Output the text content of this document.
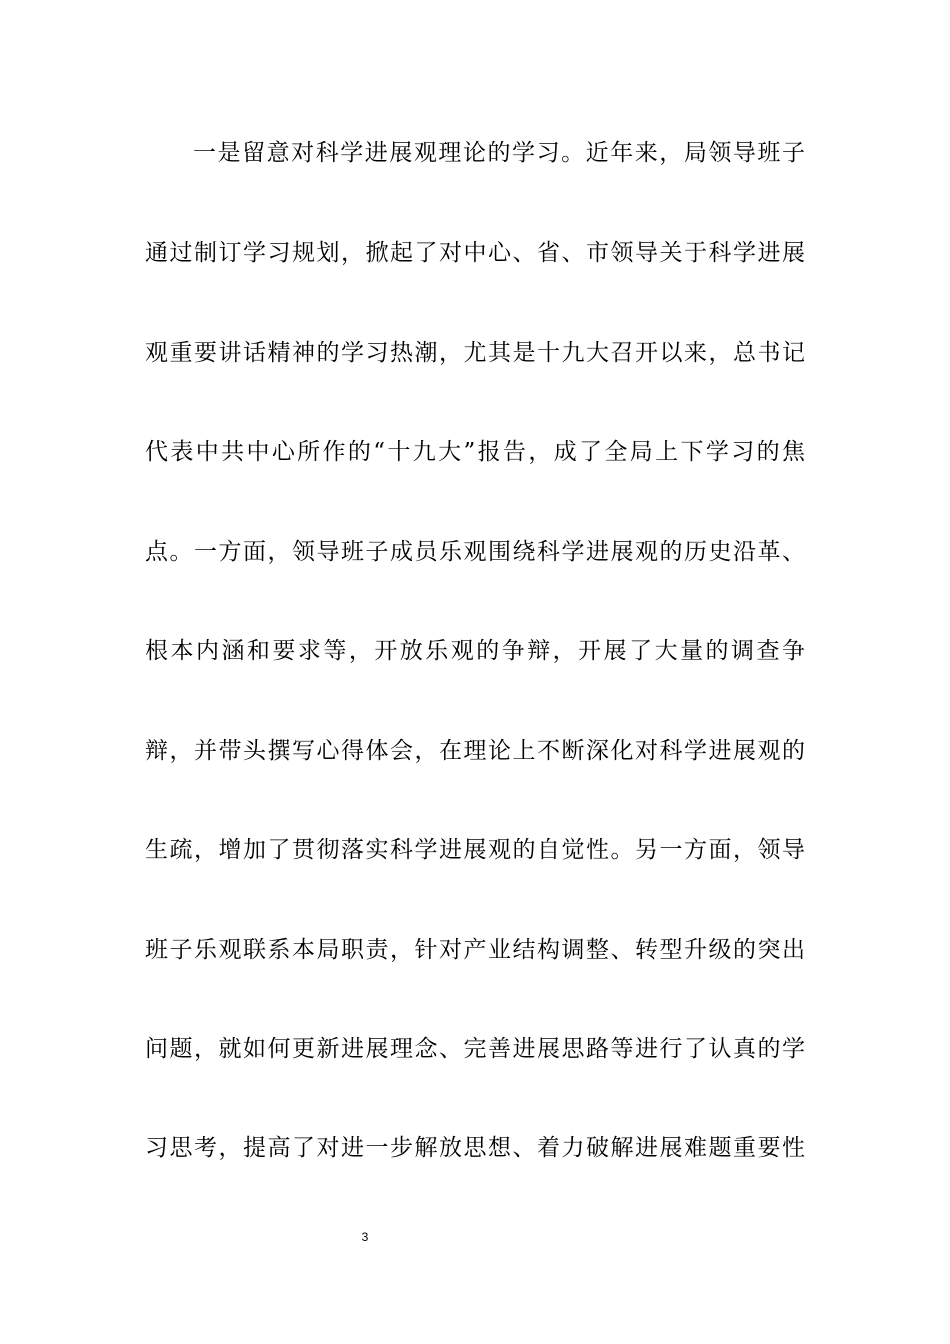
一是留意对科学进展观理论的学习。近年来，局领导班子
通过制订学习规划，掀起了对中心、省、市领导关于科学进展
观重要讲话精神的学习热潮，尤其是十九大召开以来，总书记
代表中共中心所作的“十九大”报告，成了全局上下学习的焦
点。一方面，领导班子成员乐观围绕科学进展观的历史沿革、
根本内涵和要求等，开放乐观的争辩，开展了大量的调查争
辩，并带头撰写心得体会，在理论上不断深化对科学进展观的
生疏，增加了贯彻落实科学进展观的自觉性。另一方面，领导
班子乐观联系本局职责，针对产业结构调整、转型升级的突出
问题，就如何更新进展理念、完善进展思路等进行了认真的学
习思考，提高了对进一步解放思想、着力破解进展难题重要性
3
